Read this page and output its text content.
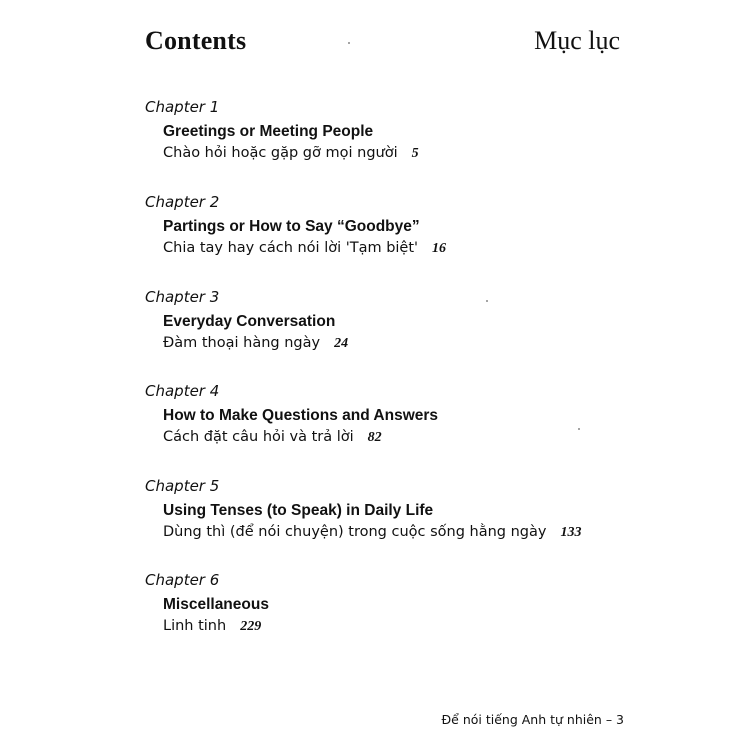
Contents	Mục lục
Chapter 1
Greetings or Meeting People
Chào hỏi hoặc gặp gỡ mọi người 5
Chapter 2
Partings or How to Say “Goodbye”
Chia tay hay cách nói lời 'Tạm biệt' 16
Chapter 3
Everyday Conversation
Đàm thoại hàng ngày 24
Chapter 4
How to Make Questions and Answers
Cách đặt câu hỏi và trả lời 82
Chapter 5
Using Tenses (to Speak) in Daily Life
Dùng thì (để nói chuyện) trong cuộc sống hằng ngày 133
Chapter 6
Miscellaneous
Linh tinh 229
Để nói tiếng Anh tự nhiên – 3
